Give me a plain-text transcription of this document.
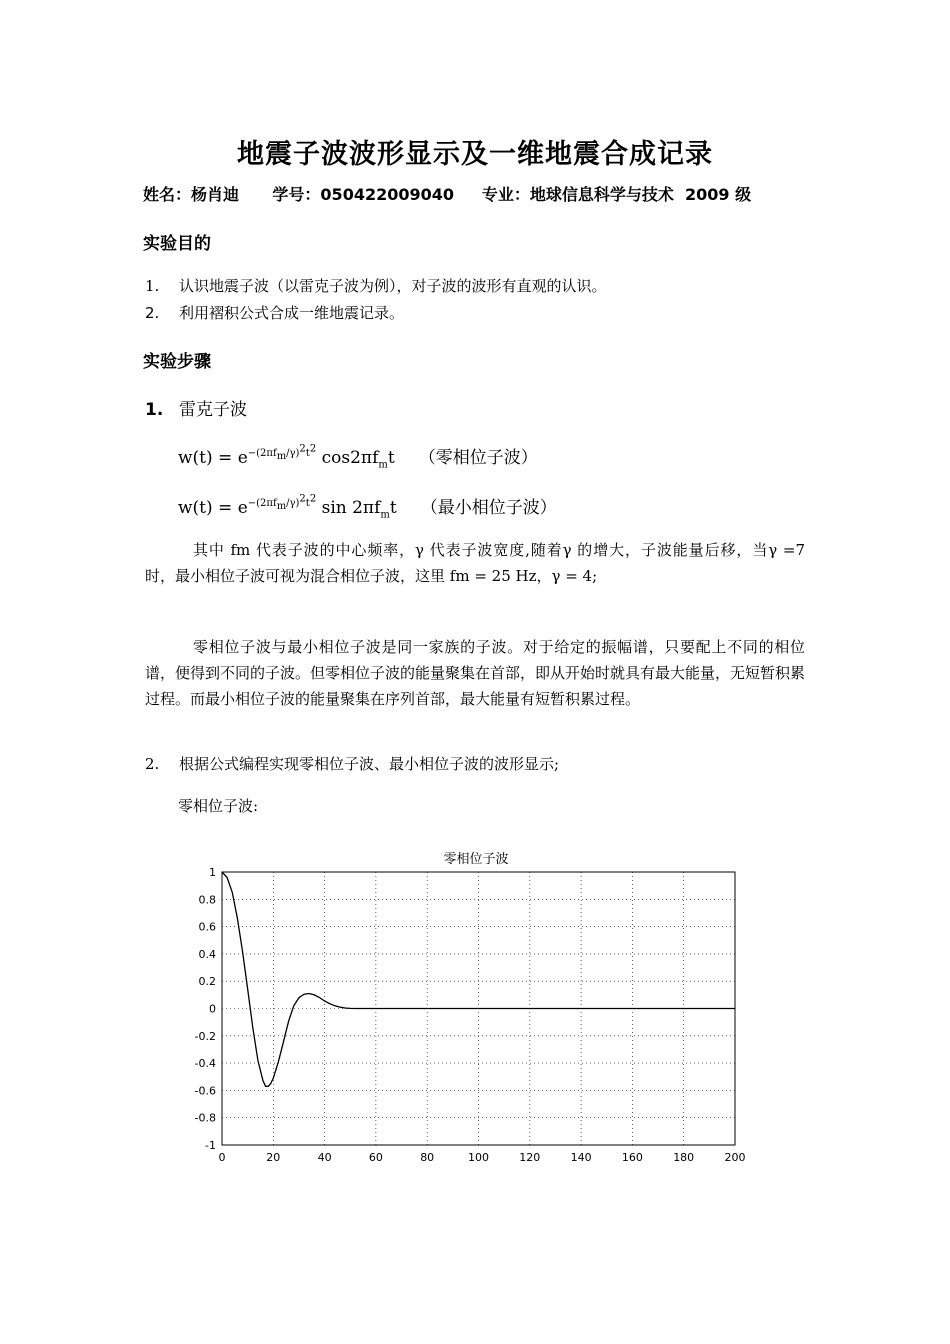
地震子波波形显示及一维地震合成记录
姓名：杨肖迪      学号：050422009040     专业：地球信息科学与技术  2009 级
实验目的
1. 认识地震子波（以雷克子波为例），对子波的波形有直观的认识。
2. 利用褶积公式合成一维地震记录。
实验步骤
1. 雷克子波
$w(t) = e^{-(2\pi f_m/\gamma)^2t^2}$ $\cos 2\pi f_mt$ （零相位子波）
$w(t) = e^{-(2\pi f_m/\gamma)^2t^2}$ $\sin 2\pi f_mt$ （最小相位子波）
其中 fm 代表子波的中心频率，γ 代表子波宽度,随着γ 的增大，子波能量后移，当γ =7 时，最小相位子波可视为混合相位子波，这里 fm = 25 Hz，γ = 4;
零相位子波与最小相位子波是同一家族的子波。对于给定的振幅谱，只要配上不同的相位谱，便得到不同的子波。但零相位子波的能量聚集在首部，即从开始时就具有最大能量，无短暂积累过程。而最小相位子波的能量聚集在序列首部，最大能量有短暂积累过程。
2. 根据公式编程实现零相位子波、最小相位子波的波形显示;
零相位子波:
零相位子波
0	20	40	60	80	100	120	140	160	180	200
1
0.8
0.6
0.4
0.2
0
-0.2
-0.4
-0.6
-0.8
-1
